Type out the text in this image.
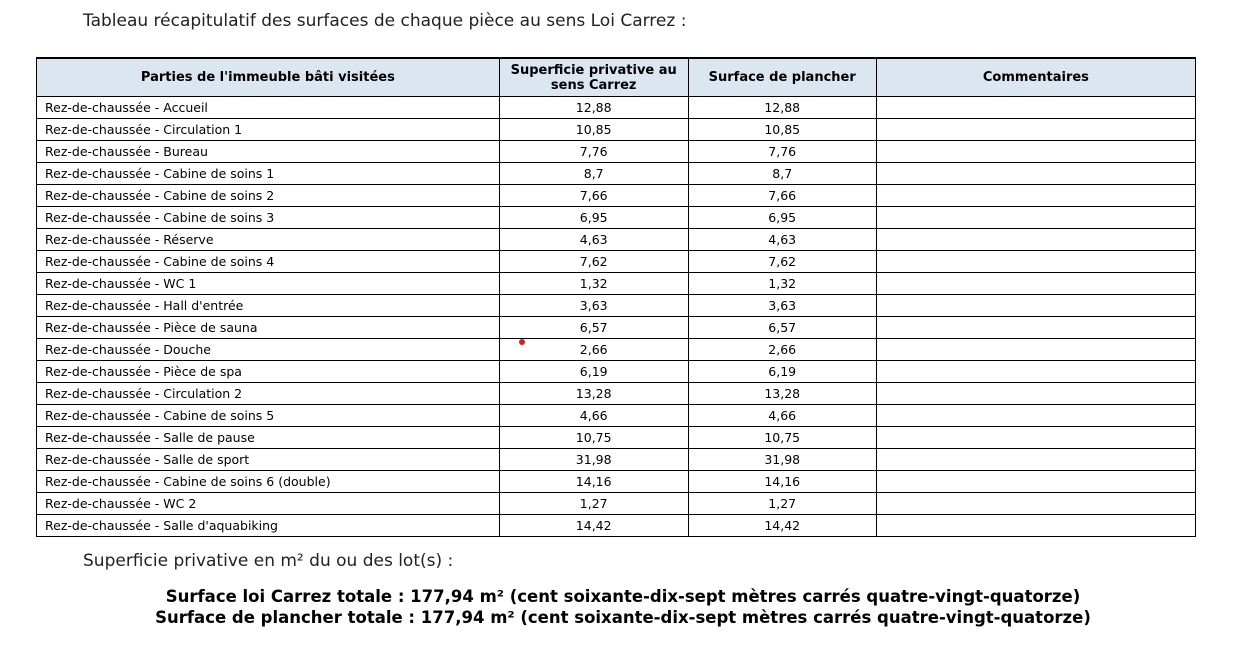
Tableau récapitulatif des surfaces de chaque pièce au sens Loi Carrez :
Parties de l'immeuble bâti visitées	Superficie privative au sens Carrez	Surface de plancher	Commentaires
Rez-de-chaussée - Accueil	12,88	12,88	
Rez-de-chaussée - Circulation 1	10,85	10,85	
Rez-de-chaussée - Bureau	7,76	7,76	
Rez-de-chaussée - Cabine de soins 1	8,7	8,7	
Rez-de-chaussée - Cabine de soins 2	7,66	7,66	
Rez-de-chaussée - Cabine de soins 3	6,95	6,95	
Rez-de-chaussée - Réserve	4,63	4,63	
Rez-de-chaussée - Cabine de soins 4	7,62	7,62	
Rez-de-chaussée - WC 1	1,32	1,32	
Rez-de-chaussée - Hall d'entrée	3,63	3,63	
Rez-de-chaussée - Pièce de sauna	6,57	6,57	
Rez-de-chaussée - Douche	2,66	2,66	
Rez-de-chaussée - Pièce de spa	6,19	6,19	
Rez-de-chaussée - Circulation 2	13,28	13,28	
Rez-de-chaussée - Cabine de soins 5	4,66	4,66	
Rez-de-chaussée - Salle de pause	10,75	10,75	
Rez-de-chaussée - Salle de sport	31,98	31,98	
Rez-de-chaussée - Cabine de soins 6 (double)	14,16	14,16	
Rez-de-chaussée - WC 2	1,27	1,27	
Rez-de-chaussée - Salle d'aquabiking	14,42	14,42	
Superficie privative en m² du ou des lot(s) :
Surface loi Carrez totale : 177,94 m² (cent soixante-dix-sept mètres carrés quatre-vingt-quatorze)
Surface de plancher totale : 177,94 m² (cent soixante-dix-sept mètres carrés quatre-vingt-quatorze)
